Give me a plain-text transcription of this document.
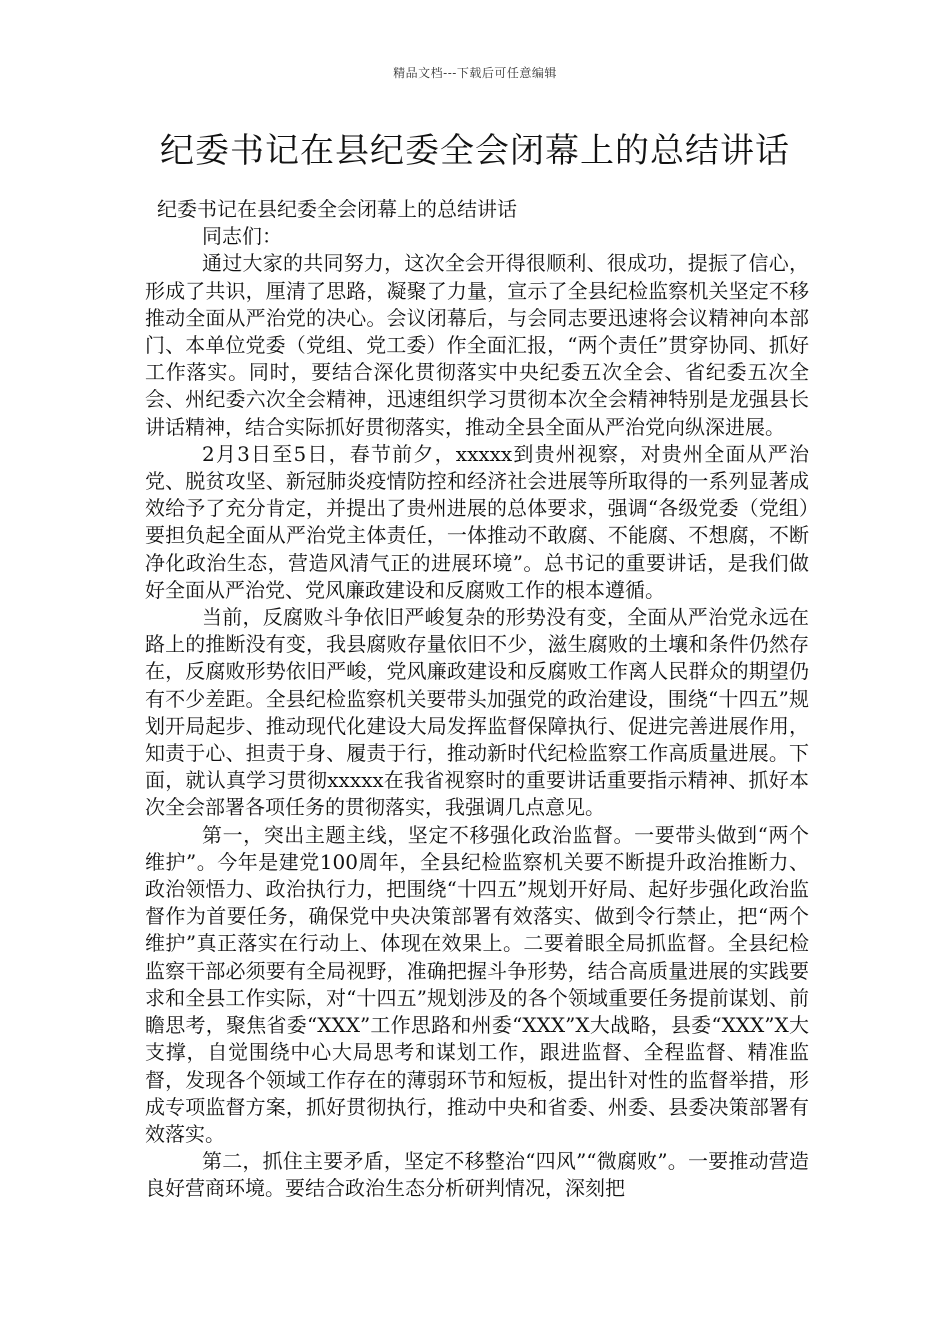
精品文档---下载后可任意编辑
纪委书记在县纪委全会闭幕上的总结讲话

纪委书记在县纪委全会闭幕上的总结讲话

同志们：

通过大家的共同努力，这次全会开得很顺利、很成功，提振了信心，形成了共识，厘清了思路，凝聚了力量，宣示了全县纪检监察机关坚定不移推动全面从严治党的决心。会议闭幕后，与会同志要迅速将会议精神向本部门、本单位党委（党组、党工委）作全面汇报，“两个责任”贯穿协同、抓好工作落实。同时，要结合深化贯彻落实中央纪委五次全会、省纪委五次全会、州纪委六次全会精神，迅速组织学习贯彻本次全会精神特别是龙强县长讲话精神，结合实际抓好贯彻落实，推动全县全面从严治党向纵深进展。

2月3日至5日，春节前夕，xxxxx到贵州视察，对贵州全面从严治党、脱贫攻坚、新冠肺炎疫情防控和经济社会进展等所取得的一系列显著成效给予了充分肯定，并提出了贵州进展的总体要求，强调“各级党委（党组）要担负起全面从严治党主体责任，一体推动不敢腐、不能腐、不想腐，不断净化政治生态，营造风清气正的进展环境”。总书记的重要讲话，是我们做好全面从严治党、党风廉政建设和反腐败工作的根本遵循。

当前，反腐败斗争依旧严峻复杂的形势没有变，全面从严治党永远在路上的推断没有变，我县腐败存量依旧不少，滋生腐败的土壤和条件仍然存在，反腐败形势依旧严峻，党风廉政建设和反腐败工作离人民群众的期望仍有不少差距。全县纪检监察机关要带头加强党的政治建设，围绕“十四五”规划开局起步、推动现代化建设大局发挥监督保障执行、促进完善进展作用，知责于心、担责于身、履责于行，推动新时代纪检监察工作高质量进展。下面，就认真学习贯彻xxxxx在我省视察时的重要讲话重要指示精神、抓好本次全会部署各项任务的贯彻落实，我强调几点意见。

第一，突出主题主线，坚定不移强化政治监督。一要带头做到“两个维护”。今年是建党100周年，全县纪检监察机关要不断提升政治推断力、政治领悟力、政治执行力，把围绕“十四五”规划开好局、起好步强化政治监督作为首要任务，确保党中央决策部署有效落实、做到令行禁止，把“两个维护”真正落实在行动上、体现在效果上。二要着眼全局抓监督。全县纪检监察干部必须要有全局视野，准确把握斗争形势，结合高质量进展的实践要求和全县工作实际，对“十四五”规划涉及的各个领域重要任务提前谋划、前瞻思考，聚焦省委“XXX”工作思路和州委“XXX”X大战略，县委“XXX”X大支撑，自觉围绕中心大局思考和谋划工作，跟进监督、全程监督、精准监督，发现各个领域工作存在的薄弱环节和短板，提出针对性的监督举措，形成专项监督方案，抓好贯彻执行，推动中央和省委、州委、县委决策部署有效落实。

第二，抓住主要矛盾，坚定不移整治“四风”“微腐败”。一要推动营造良好营商环境。要结合政治生态分析研判情况，深刻把
